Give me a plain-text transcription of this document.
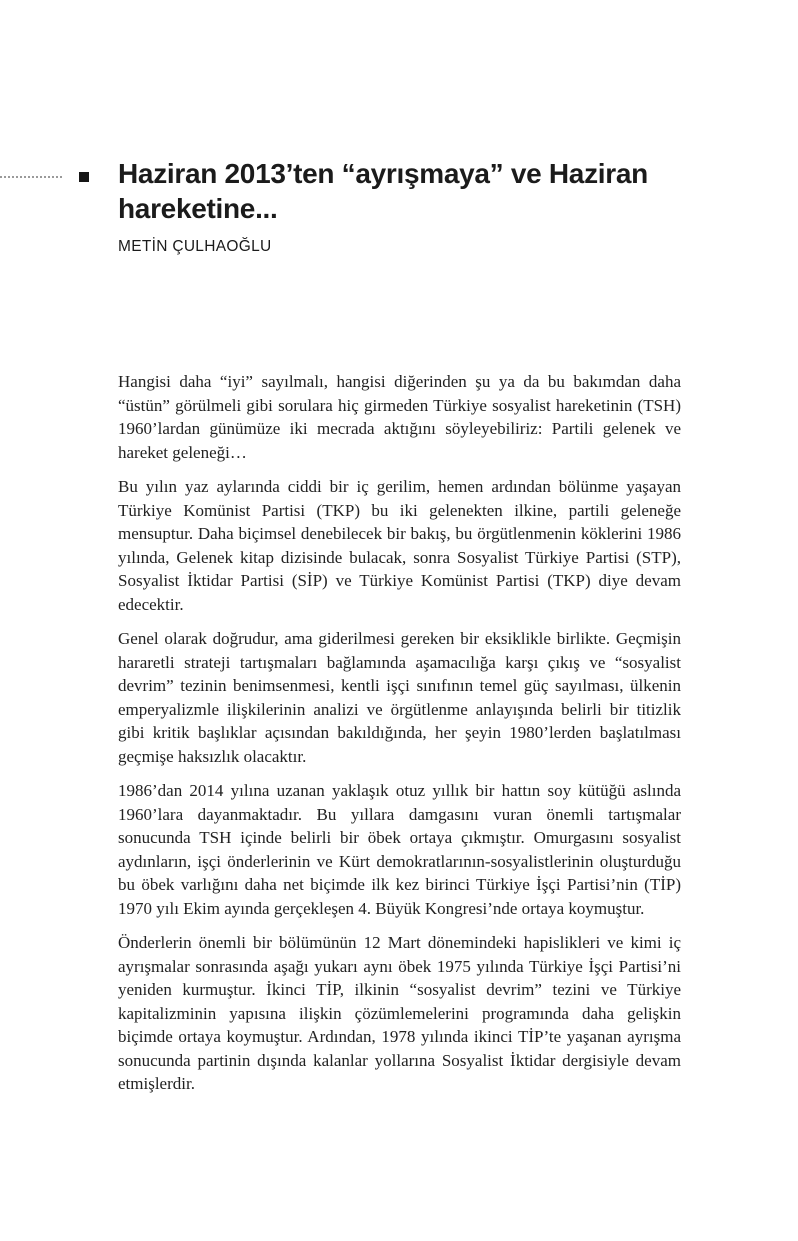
Haziran 2013’ten “ayrışmaya” ve Haziran hareketine...
METİN ÇULHAOĞLU

Hangisi daha “iyi” sayılmalı, hangisi diğerinden şu ya da bu bakımdan daha “üstün” görülmeli gibi sorulara hiç girmeden Türkiye sosyalist hareketinin (TSH) 1960’lardan günümüze iki mecrada aktığını söyleyebiliriz: Partili gelenek ve hareket geleneği…

Bu yılın yaz aylarında ciddi bir iç gerilim, hemen ardından bölünme yaşayan Türkiye Komünist Partisi (TKP) bu iki gelenekten ilkine, partili geleneğe mensuptur. Daha biçimsel denebilecek bir bakış, bu örgütlenmenin köklerini 1986 yılında, Gelenek kitap dizisinde bulacak, sonra Sosyalist Türkiye Partisi (STP), Sosyalist İktidar Partisi (SİP) ve Türkiye Komünist Partisi (TKP) diye devam edecektir.

Genel olarak doğrudur, ama giderilmesi gereken bir eksiklikle birlikte. Geçmişin hararetli strateji tartışmaları bağlamında aşamacılığa karşı çıkış ve “sosyalist devrim” tezinin benimsenmesi, kentli işçi sınıfının temel güç sayılması, ülkenin emperyalizmle ilişkilerinin analizi ve örgütlenme anlayışında belirli bir titizlik gibi kritik başlıklar açısından bakıldığında, her şeyin 1980’lerden başlatılması geçmişe haksızlık olacaktır.

1986’dan 2014 yılına uzanan yaklaşık otuz yıllık bir hattın soy kütüğü aslında 1960’lara dayanmaktadır. Bu yıllara damgasını vuran önemli tartışmalar sonucunda TSH içinde belirli bir öbek ortaya çıkmıştır. Omurgasını sosyalist aydınların, işçi önderlerinin ve Kürt demokratlarının-sosyalistlerinin oluşturduğu bu öbek varlığını daha net biçimde ilk kez birinci Türkiye İşçi Partisi’nin (TİP) 1970 yılı Ekim ayında gerçekleşen 4. Büyük Kongresi’nde ortaya koymuştur.

Önderlerin önemli bir bölümünün 12 Mart dönemindeki hapislikleri ve kimi iç ayrışmalar sonrasında aşağı yukarı aynı öbek 1975 yılında Türkiye İşçi Partisi’ni yeniden kurmuştur. İkinci TİP, ilkinin “sosyalist devrim” tezini ve Türkiye kapitalizminin yapısına ilişkin çözümlemelerini programında daha gelişkin biçimde ortaya koymuştur. Ardından, 1978 yılında ikinci TİP’te yaşanan ayrışma sonucunda partinin dışında kalanlar yollarına Sosyalist İktidar dergisiyle devam etmişlerdir.
